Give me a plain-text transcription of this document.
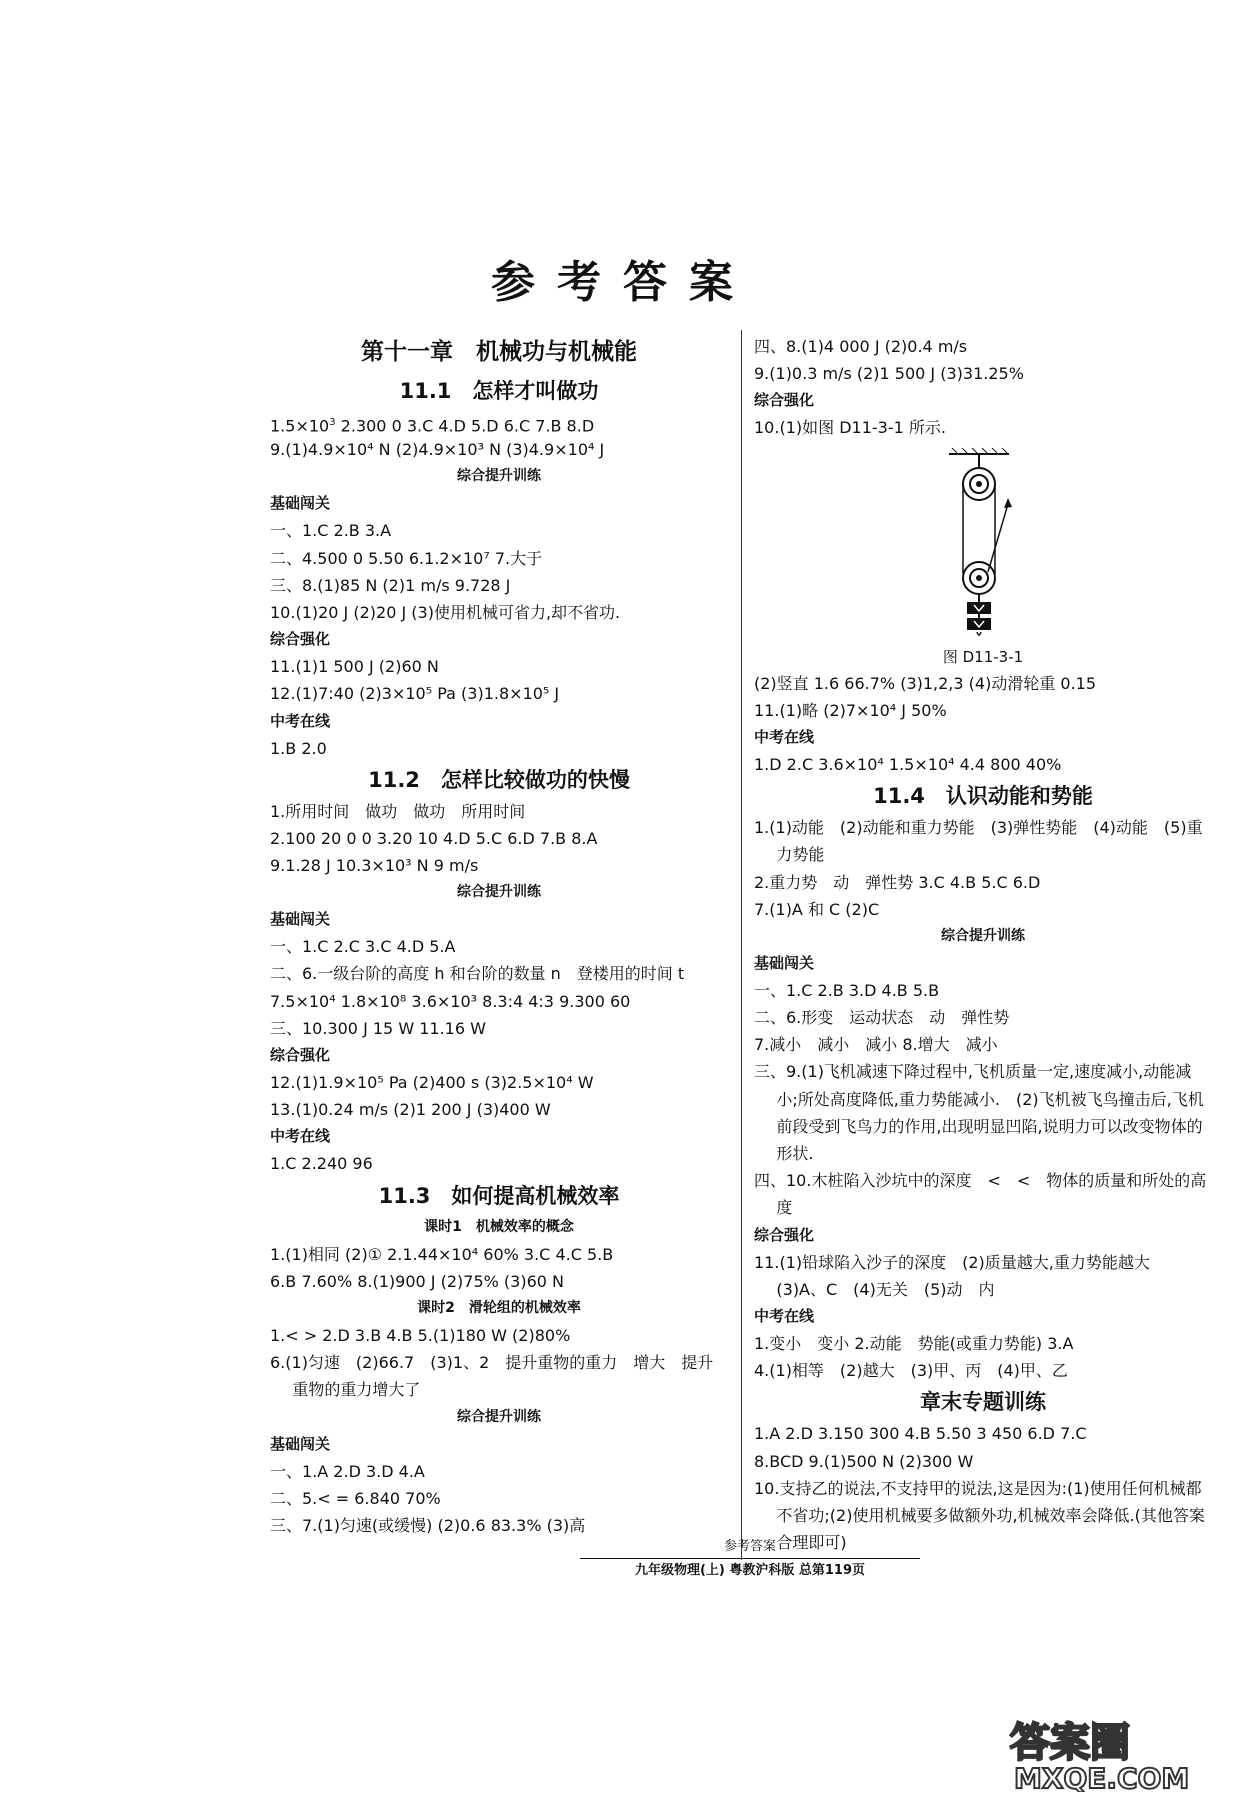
参考答案
第十一章　机械功与机械能
11.1　怎样才叫做功
$1.5\times 10^3$ 2.300 0 3.C 4.D 5.D 6.C 7.B 8.D
9.(1)4.9×10⁴ N (2)4.9×10³ N (3)4.9×10⁴ J
综合提升训练
基础闯关
一、1.C 2.B 3.A
二、4.500 0 5.50 6.1.2×10⁷ 7.大于
三、8.(1)85 N (2)1 m/s 9.728 J
10.(1)20 J (2)20 J (3)使用机械可省力,却不省功.
综合强化
11.(1)1 500 J (2)60 N
12.(1)7:40 (2)3×10⁵ Pa (3)1.8×10⁵ J
中考在线
1.B 2.0
11.2　怎样比较做功的快慢
1.所用时间　做功　做功　所用时间
2.100 20 0 0 3.20 10 4.D 5.C 6.D 7.B 8.A
9.1.28 J 10.3×10³ N 9 m/s
综合提升训练
基础闯关
一、1.C 2.C 3.C 4.D 5.A
二、6.一级台阶的高度 h 和台阶的数量 n　登楼用的时间 t
7.5×10⁴ 1.8×10⁸ 3.6×10³ 8.3:4 4:3 9.300 60
三、10.300 J 15 W 11.16 W
综合强化
12.(1)1.9×10⁵ Pa (2)400 s (3)2.5×10⁴ W
13.(1)0.24 m/s (2)1 200 J (3)400 W
中考在线
1.C 2.240 96
11.3　如何提高机械效率
课时1　机械效率的概念
1.(1)相同 (2)① 2.1.44×10⁴ 60% 3.C 4.C 5.B
6.B 7.60% 8.(1)900 J (2)75% (3)60 N
课时2　滑轮组的机械效率
1.< > 2.D 3.B 4.B 5.(1)180 W (2)80%
6.(1)匀速　(2)66.7　(3)1、2　提升重物的重力　增大　提升重物的重力增大了
综合提升训练
基础闯关
一、1.A 2.D 3.D 4.A
二、5.< = 6.840 70%
三、7.(1)匀速(或缓慢) (2)0.6 83.3% (3)高
四、8.(1)4 000 J (2)0.4 m/s
9.(1)0.3 m/s (2)1 500 J (3)31.25%
综合强化
10.(1)如图 D11-3-1 所示.
图 D11-3-1
(2)竖直 1.6 66.7% (3)1,2,3 (4)动滑轮重 0.15
11.(1)略 (2)7×10⁴ J 50%
中考在线
1.D 2.C 3.6×10⁴ 1.5×10⁴ 4.4 800 40%
11.4　认识动能和势能
1.(1)动能　(2)动能和重力势能　(3)弹性势能　(4)动能　(5)重力势能
2.重力势　动　弹性势 3.C 4.B 5.C 6.D
7.(1)A 和 C (2)C
综合提升训练
基础闯关
一、1.C 2.B 3.D 4.B 5.B
二、6.形变　运动状态　动　弹性势
7.减小　减小　减小 8.增大　减小
三、9.(1)飞机减速下降过程中,飞机质量一定,速度减小,动能减小;所处高度降低,重力势能减小.　(2)飞机被飞鸟撞击后,飞机前段受到飞鸟力的作用,出现明显凹陷,说明力可以改变物体的形状.
四、10.木桩陷入沙坑中的深度　<　<　物体的质量和所处的高度
综合强化
11.(1)铅球陷入沙子的深度　(2)质量越大,重力势能越大　(3)A、C　(4)无关　(5)动　内
中考在线
1.变小　变小 2.动能　势能(或重力势能) 3.A
4.(1)相等　(2)越大　(3)甲、丙　(4)甲、乙
章末专题训练
1.A 2.D 3.150 300 4.B 5.50 3 450 6.D 7.C
8.BCD 9.(1)500 N (2)300 W
10.支持乙的说法,不支持甲的说法,这是因为:(1)使用任何机械都不省功;(2)使用机械要多做额外功,机械效率会降低.(其他答案合理即可)
参考答案
九年级物理(上) 粤教沪科版 总第119页
答案圈
MXQE.COM
